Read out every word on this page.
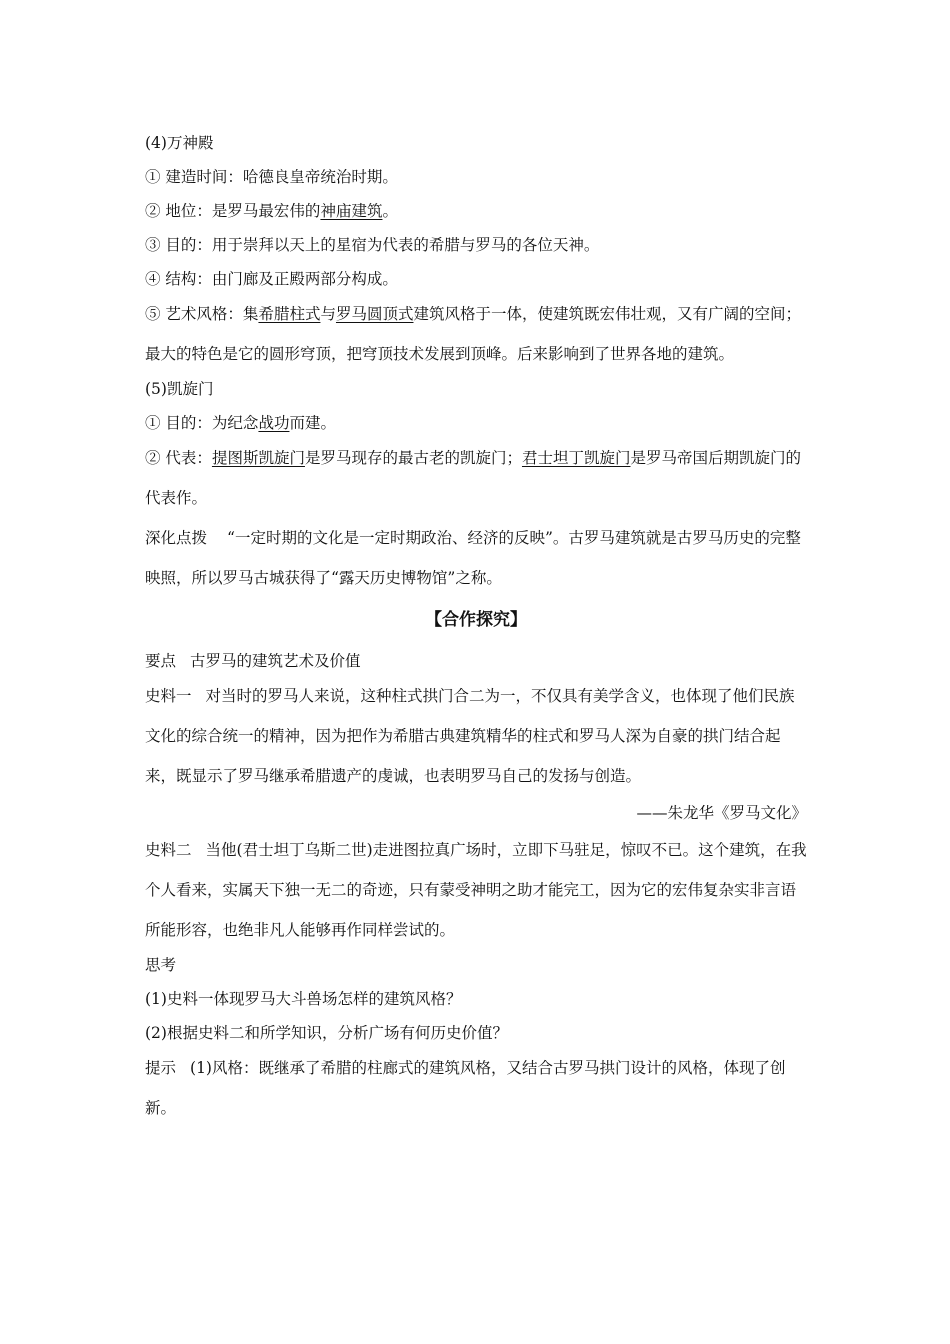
(4)万神殿

① 建造时间：哈德良皇帝统治时期。

② 地位：是罗马最宏伟的神庙建筑。

③ 目的：用于崇拜以天上的星宿为代表的希腊与罗马的各位天神。

④ 结构：由门廊及正殿两部分构成。

⑤ 艺术风格：集希腊柱式与罗马圆顶式建筑风格于一体，使建筑既宏伟壮观，又有广阔的空间；最大的特色是它的圆形穹顶，把穹顶技术发展到顶峰。后来影响到了世界各地的建筑。

(5)凯旋门

① 目的：为纪念战功而建。

② 代表：提图斯凯旋门是罗马现存的最古老的凯旋门；君士坦丁凯旋门是罗马帝国后期凯旋门的代表作。

深化点拨 “一定时期的文化是一定时期政治、经济的反映”。古罗马建筑就是古罗马历史的完整映照，所以罗马古城获得了“露天历史博物馆”之称。

【合作探究】

要点 古罗马的建筑艺术及价值

史料一 对当时的罗马人来说，这种柱式拱门合二为一，不仅具有美学含义，也体现了他们民族文化的综合统一的精神，因为把作为希腊古典建筑精华的柱式和罗马人深为自豪的拱门结合起来，既显示了罗马继承希腊遗产的虔诚，也表明罗马自己的发扬与创造。

——朱龙华《罗马文化》

史料二 当他(君士坦丁乌斯二世)走进图拉真广场时，立即下马驻足，惊叹不已。这个建筑，在我个人看来，实属天下独一无二的奇迹，只有蒙受神明之助才能完工，因为它的宏伟复杂实非言语所能形容，也绝非凡人能够再作同样尝试的。

思考

(1)史料一体现罗马大斗兽场怎样的建筑风格？

(2)根据史料二和所学知识，分析广场有何历史价值？

提示 (1)风格：既继承了希腊的柱廊式的建筑风格，又结合古罗马拱门设计的风格，体现了创新。
